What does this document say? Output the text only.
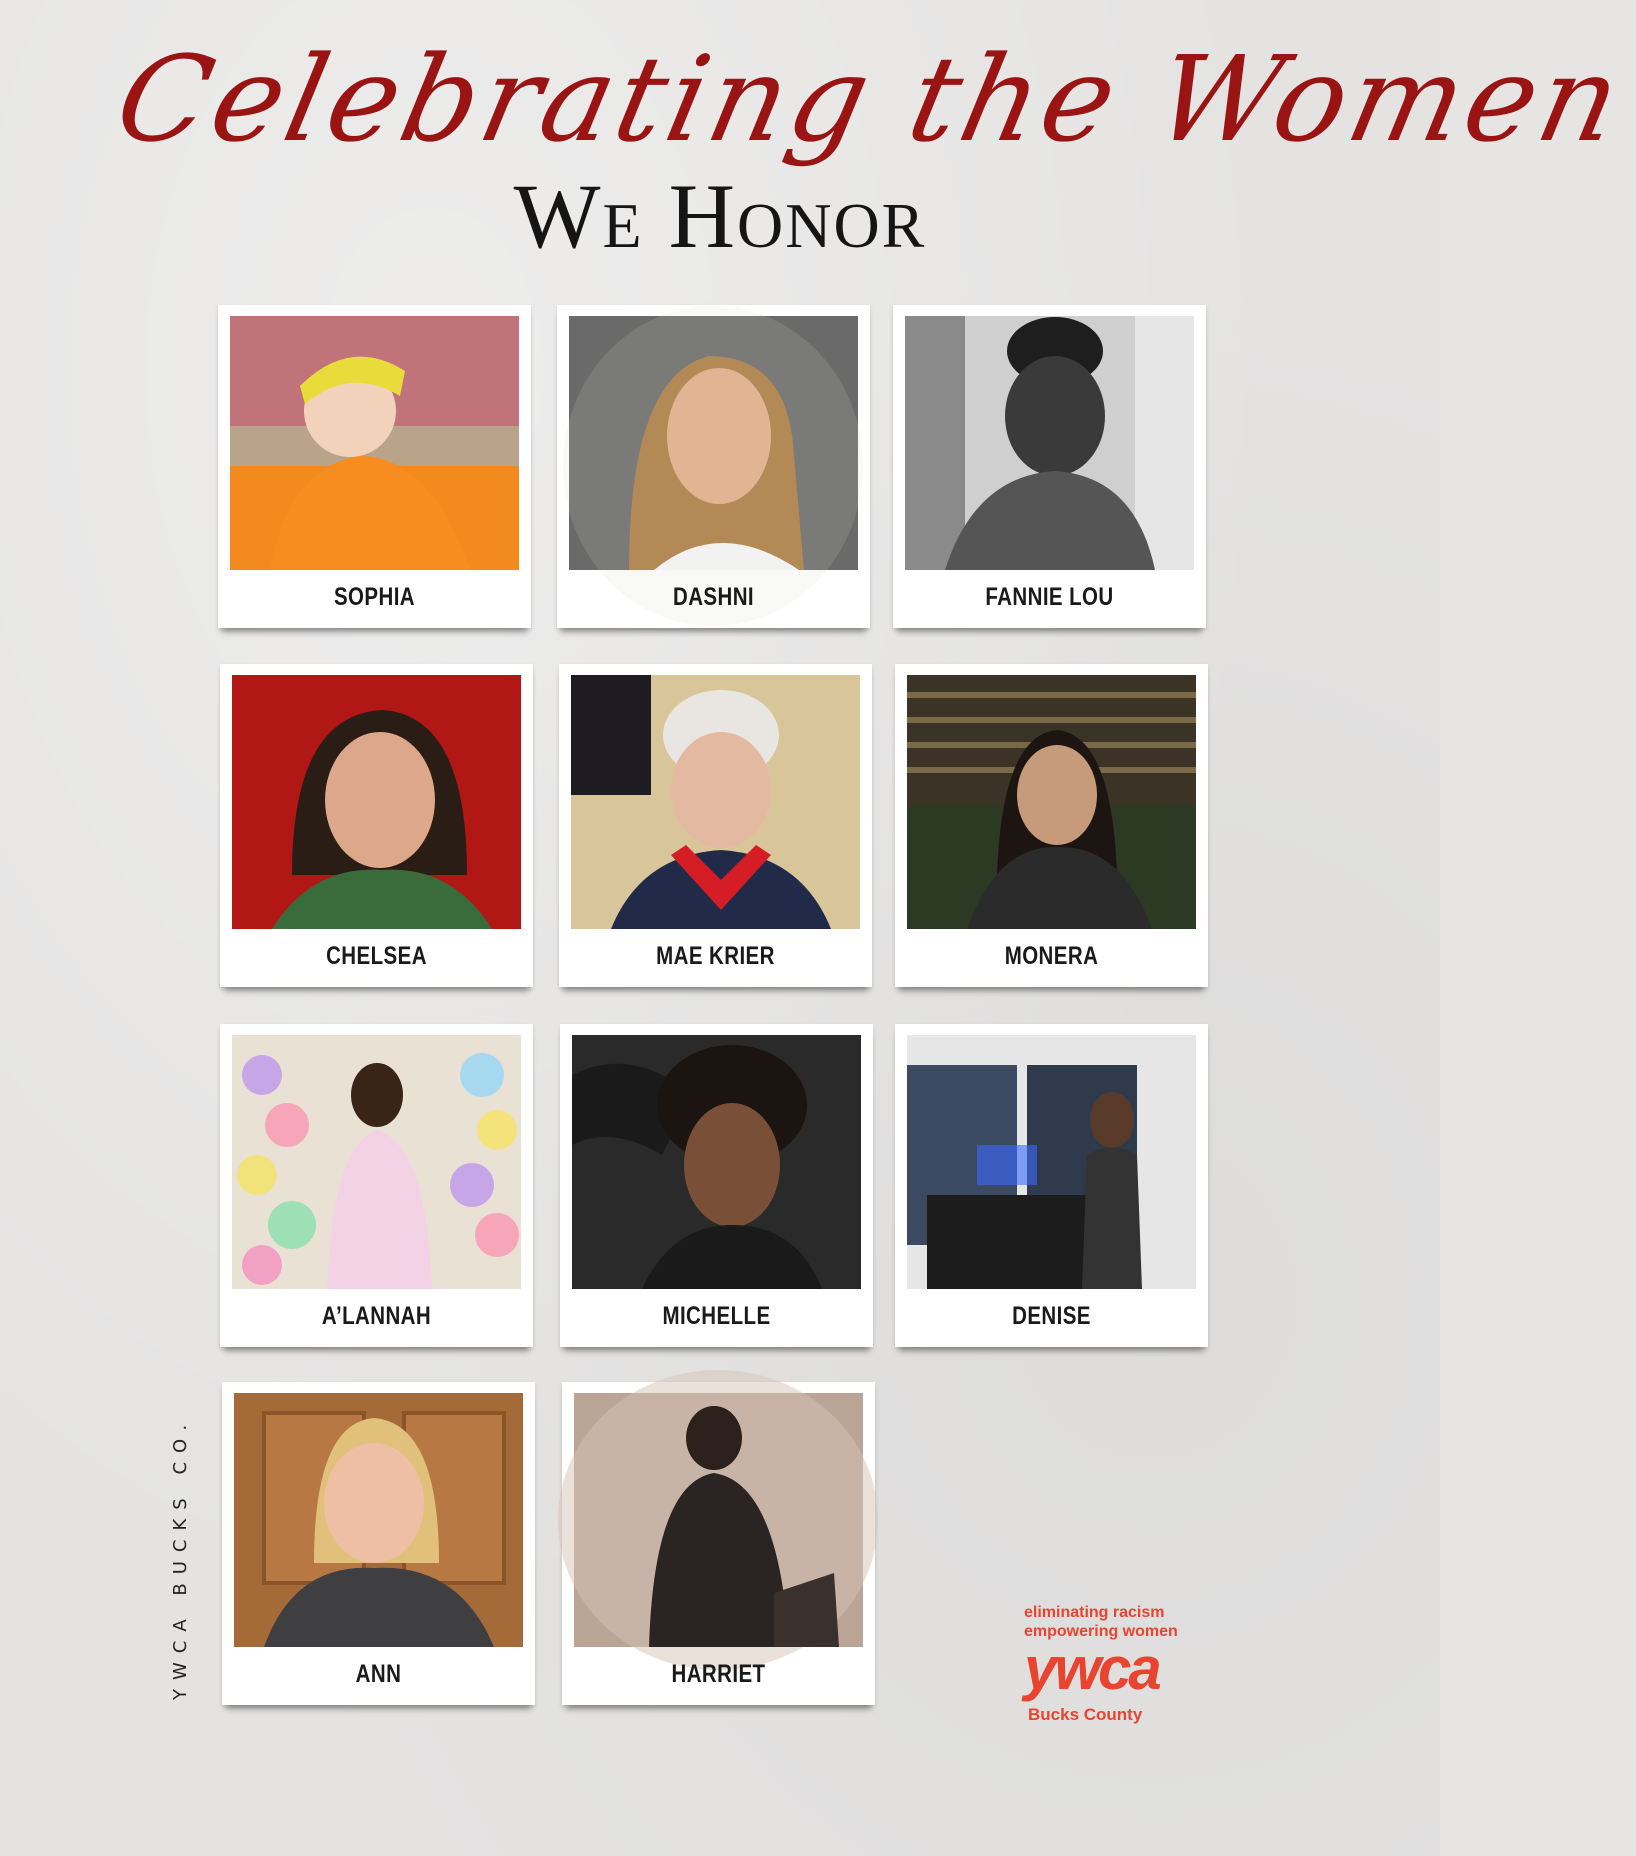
Celebrating the Women
We Honor
SOPHIA	DASHNI	FANNIE LOU
CHELSEA	MAE KRIER	MONERA
A’LANNAH	MICHELLE	DENISE
ANN	HARRIET
YWCA BUCKS CO.	eliminating racism
empowering women
ywca
Bucks County
